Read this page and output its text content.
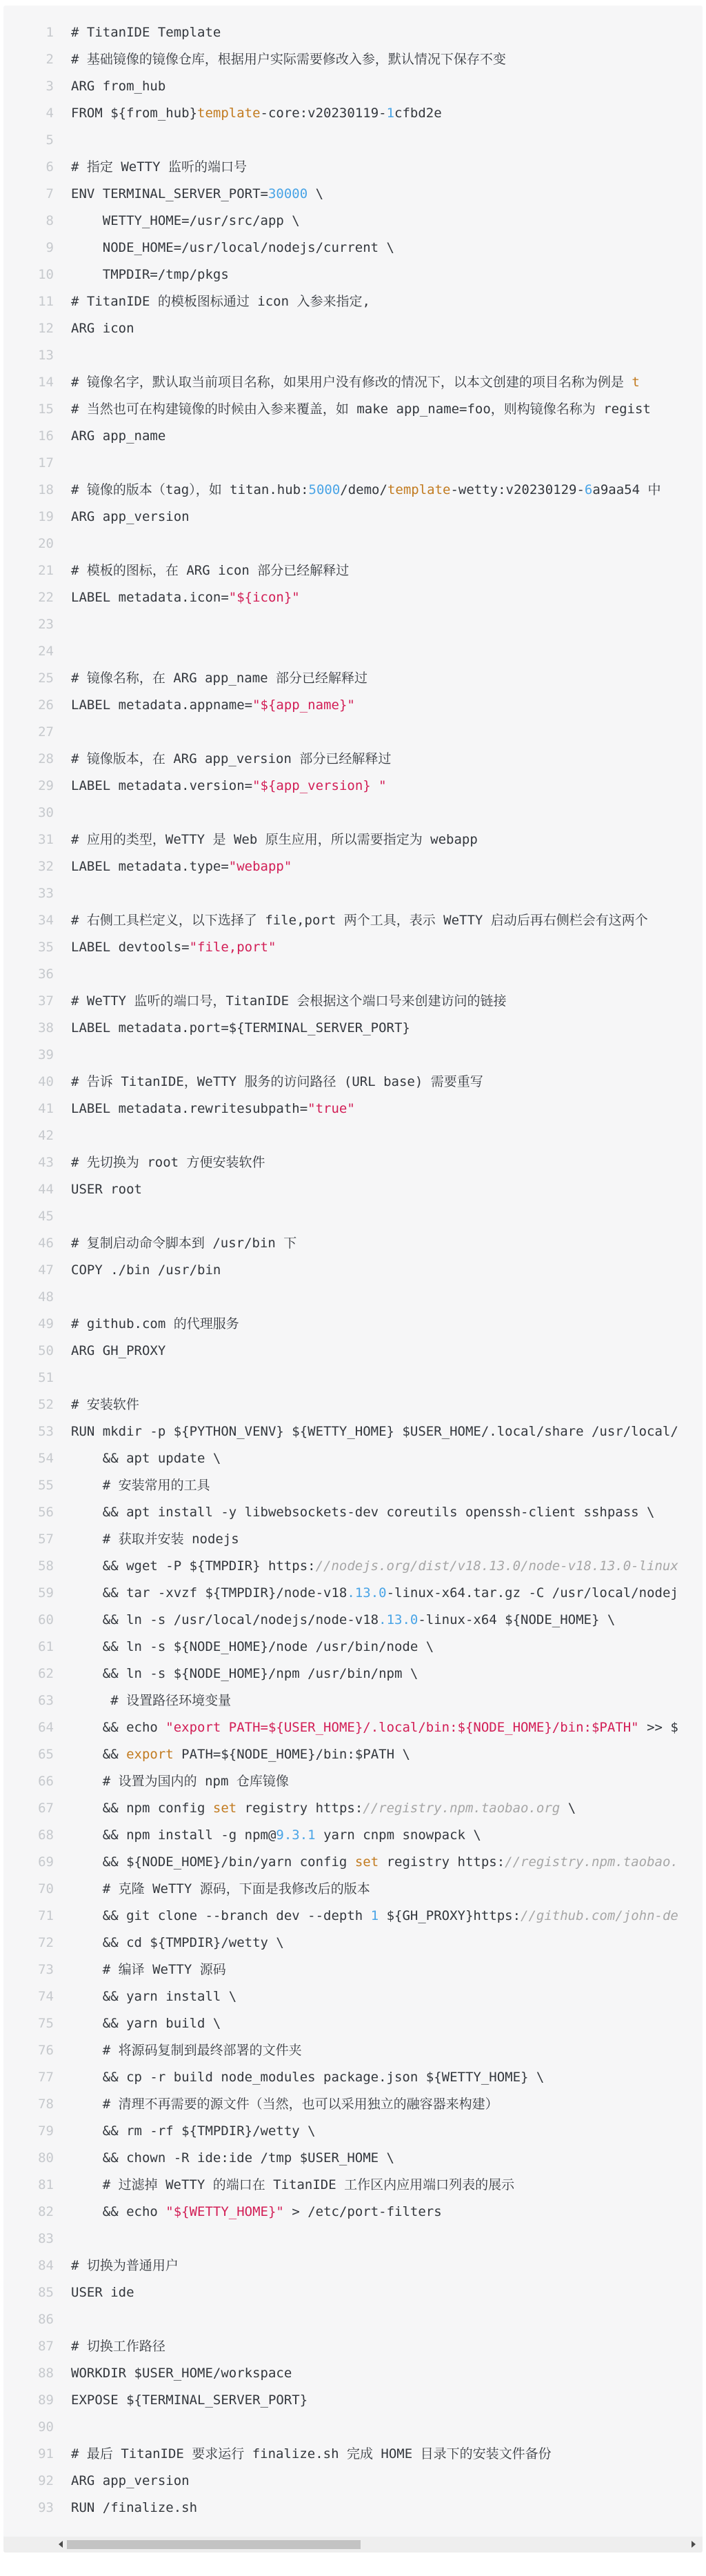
1 # TitanIDE Template
2 # 基础镜像的镜像仓库，根据用户实际需要修改入参，默认情况下保存不变
3 ARG from_hub
4 FROM ${from_hub}template-core:v20230119-1cfbd2e
5
6 # 指定 WeTTY 监听的端口号
7 ENV TERMINAL_SERVER_PORT=30000 \
8 WETTY_HOME=/usr/src/app \
9 NODE_HOME=/usr/local/nodejs/current \
10 TMPDIR=/tmp/pkgs
11 # TitanIDE 的模板图标通过 icon 入参来指定,
12 ARG icon
13
14 # 镜像名字，默认取当前项目名称，如果用户没有修改的情况下，以本文创建的项目名称为例是 t
15 # 当然也可在构建镜像的时候由入参来覆盖，如 make app_name=foo，则构镜像名称为 regist
16 ARG app_name
17
18 # 镜像的版本（tag），如 titan.hub:5000/demo/template-wetty:v20230129-6a9aa54 中
19 ARG app_version
20
21 # 模板的图标，在 ARG icon 部分已经解释过
22 LABEL metadata.icon="${icon}"
23
24
25 # 镜像名称，在 ARG app_name 部分已经解释过
26 LABEL metadata.appname="${app_name}"
27
28 # 镜像版本，在 ARG app_version 部分已经解释过
29 LABEL metadata.version="${app_version} "
30
31 # 应用的类型，WeTTY 是 Web 原生应用，所以需要指定为 webapp
32 LABEL metadata.type="webapp"
33
34 # 右侧工具栏定义，以下选择了 file,port 两个工具，表示 WeTTY 启动后再右侧栏会有这两个
35 LABEL devtools="file,port"
36
37 # WeTTY 监听的端口号，TitanIDE 会根据这个端口号来创建访问的链接
38 LABEL metadata.port=${TERMINAL_SERVER_PORT}
39
40 # 告诉 TitanIDE，WeTTY 服务的访问路径 (URL base) 需要重写
41 LABEL metadata.rewritesubpath="true"
42
43 # 先切换为 root 方便安装软件
44 USER root
45
46 # 复制启动命令脚本到 /usr/bin 下
47 COPY ./bin /usr/bin
48
49 # github.com 的代理服务
50 ARG GH_PROXY
51
52 # 安装软件
53 RUN mkdir -p ${PYTHON_VENV} ${WETTY_HOME} $USER_HOME/.local/share /usr/local/
54 && apt update \
55 # 安装常用的工具
56 && apt install -y libwebsockets-dev coreutils openssh-client sshpass \
57 # 获取并安装 nodejs
58 && wget -P ${TMPDIR} https://nodejs.org/dist/v18.13.0/node-v18.13.0-linux
59 && tar -xvzf ${TMPDIR}/node-v18.13.0-linux-x64.tar.gz -C /usr/local/nodej
60 && ln -s /usr/local/nodejs/node-v18.13.0-linux-x64 ${NODE_HOME} \
61 && ln -s ${NODE_HOME}/node /usr/bin/node \
62 && ln -s ${NODE_HOME}/npm /usr/bin/npm \
63 # 设置路径环境变量
64 && echo "export PATH=${USER_HOME}/.local/bin:${NODE_HOME}/bin:$PATH" >> $
65 && export PATH=${NODE_HOME}/bin:$PATH \
66 # 设置为国内的 npm 仓库镜像
67 && npm config set registry https://registry.npm.taobao.org \
68 && npm install -g npm@9.3.1 yarn cnpm snowpack \
69 && ${NODE_HOME}/bin/yarn config set registry https://registry.npm.taobao.
70 # 克隆 WeTTY 源码，下面是我修改后的版本
71 && git clone --branch dev --depth 1 ${GH_PROXY}https://github.com/john-de
72 && cd ${TMPDIR}/wetty \
73 # 编译 WeTTY 源码
74 && yarn install \
75 && yarn build \
76 # 将源码复制到最终部署的文件夹
77 && cp -r build node_modules package.json ${WETTY_HOME} \
78 # 清理不再需要的源文件（当然，也可以采用独立的融容器来构建）
79 && rm -rf ${TMPDIR}/wetty \
80 && chown -R ide:ide /tmp $USER_HOME \
81 # 过滤掉 WeTTY 的端口在 TitanIDE 工作区内应用端口列表的展示
82 && echo "${WETTY_HOME}" > /etc/port-filters
83
84 # 切换为普通用户
85 USER ide
86
87 # 切换工作路径
88 WORKDIR $USER_HOME/workspace
89 EXPOSE ${TERMINAL_SERVER_PORT}
90
91 # 最后 TitanIDE 要求运行 finalize.sh 完成 HOME 目录下的安装文件备份
92 ARG app_version
93 RUN /finalize.sh
